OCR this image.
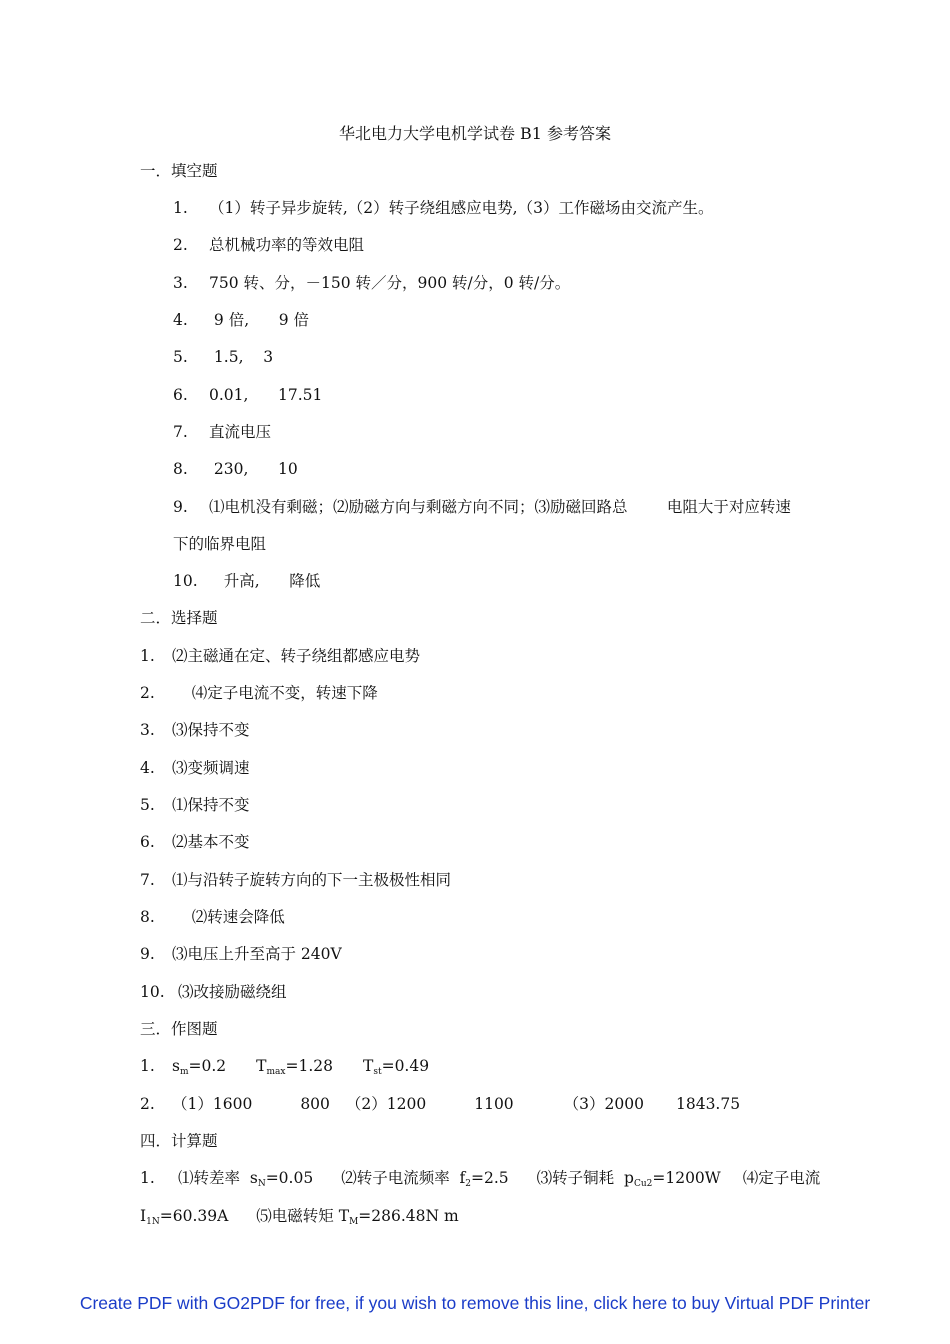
华北电力大学电机学试卷 B1 参考答案
一．填空题
1. （1）转子异步旋转,（2）转子绕组感应电势,（3）工作磁场由交流产生。
2. 总机械功率的等效电阻
3. 750 转、分，－150 转／分，900 转/分，0 转/分。
4. 9 倍,      9 倍
5. 1.5,    3
6. 0.01,      17.51
7. 直流电压
8. 230,      10
9. ⑴电机没有剩磁；⑵励磁方向与剩磁方向不同；⑶励磁回路总        电阻大于对应转速
下的临界电阻
10.   升高,      降低
二．选择题
1. ⑵主磁通在定、转子绕组都感应电势
2.    ⑷定子电流不变，转速下降
3. ⑶保持不变
4. ⑶变频调速
5. ⑴保持不变
6. ⑵基本不变
7. ⑴与沿转子旋转方向的下一主极极性相同
8.    ⑵转速会降低
9. ⑶电压上升至高于 240V
10. ⑶改接励磁绕组
三．作图题
1. $s_m=0.2$ $T_{max}=1.28$ $T_{st}=0.49$
2. （1）1600	800 （2）1200	1100	（3）2000 1843.75
四．计算题
1. ⑴转差率  $s_N=0.05$ ⑵转子电流频率  $f_2=2.5$ ⑶转子铜耗  $p_{Cu2}=1200W$ ⑷定子电流
$I_{1N}=60.39A$ ⑸电磁转矩 $T_M=286.48N$ m
Create PDF with GO2PDF for free, if you wish to remove this line, click here to buy Virtual PDF Printer
